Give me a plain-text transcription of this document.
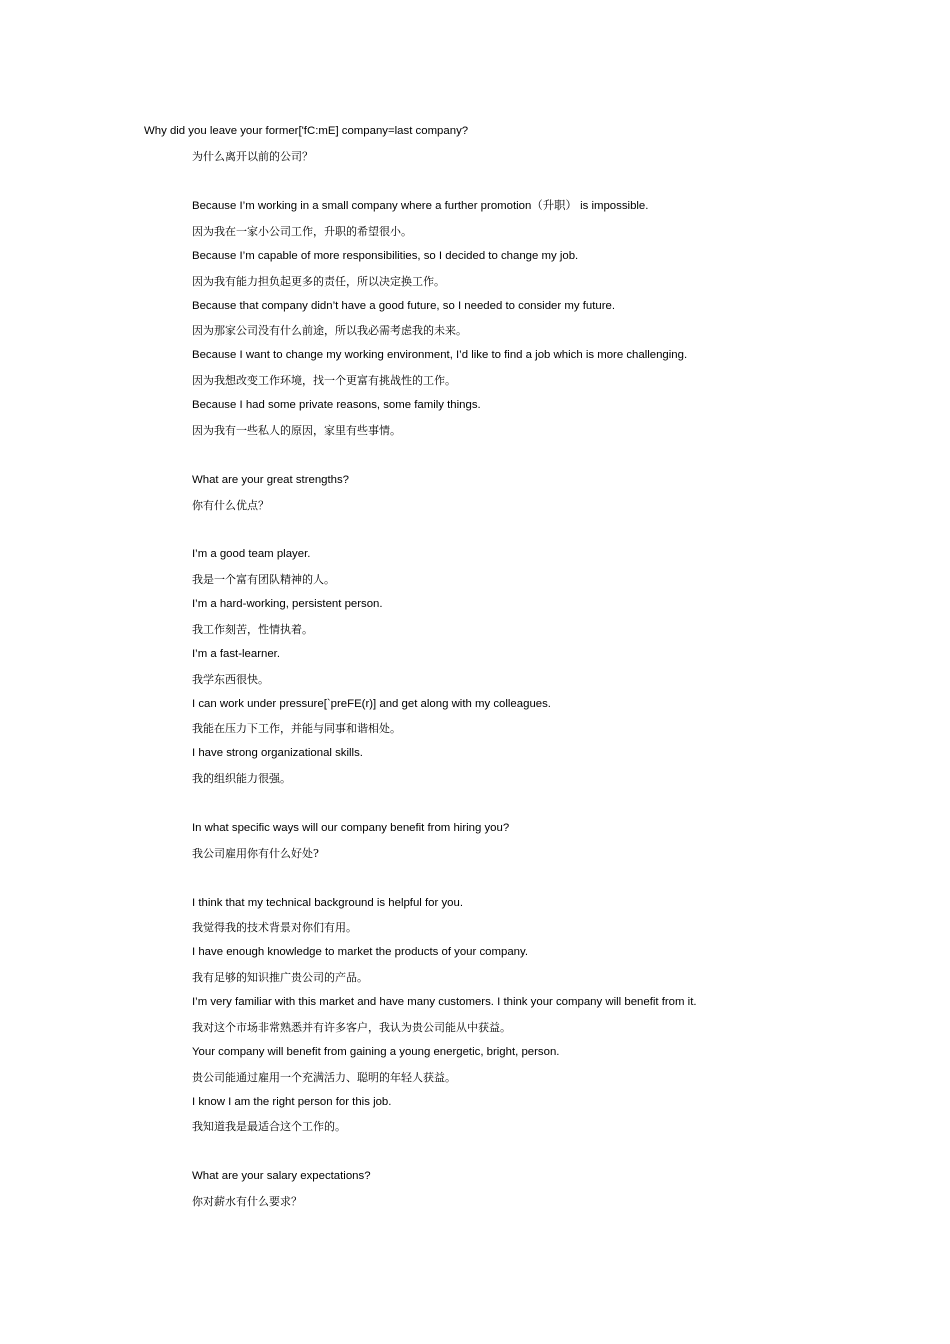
Why did you leave your former['fC:mE] company=last company?
为什么离开以前的公司？
Because I’m working in a small company where a further promotion（升职） is impossible.
因为我在一家小公司工作，升职的希望很小。
Because I’m capable of more responsibilities, so I decided to change my job.
因为我有能力担负起更多的责任，所以决定换工作。
Because that company didn’t have a good future, so I needed to consider my future.
因为那家公司没有什么前途，所以我必需考虑我的未来。
Because I want to change my working environment, I’d like to find a job which is more challenging.
因为我想改变工作环境，找一个更富有挑战性的工作。
Because I had some private reasons, some family things.
因为我有一些私人的原因，家里有些事情。
What are your great strengths?
你有什么优点？
I’m a good team player.
我是一个富有团队精神的人。
I’m a hard-working, persistent person.
我工作刻苦，性情执着。
I’m a fast-learner.
我学东西很快。
I can work under pressure[`preFE(r)] and get along with my colleagues.
我能在压力下工作，并能与同事和谐相处。
I have strong organizational skills.
我的组织能力很强。
In what specific ways will our company benefit from hiring you?
我公司雇用你有什么好处?
I think that my technical background is helpful for you.
我觉得我的技术背景对你们有用。
I have enough knowledge to market the products of your company.
我有足够的知识推广贵公司的产品。
I’m very familiar with this market and have many customers. I think your company will benefit from it.
我对这个市场非常熟悉并有许多客户，我认为贵公司能从中获益。
Your company will benefit from gaining a young energetic, bright, person.
贵公司能通过雇用一个充满活力、聪明的年轻人获益。
I know I am the right person for this job.
我知道我是最适合这个工作的。
What are your salary expectations?
你对薪水有什么要求？
